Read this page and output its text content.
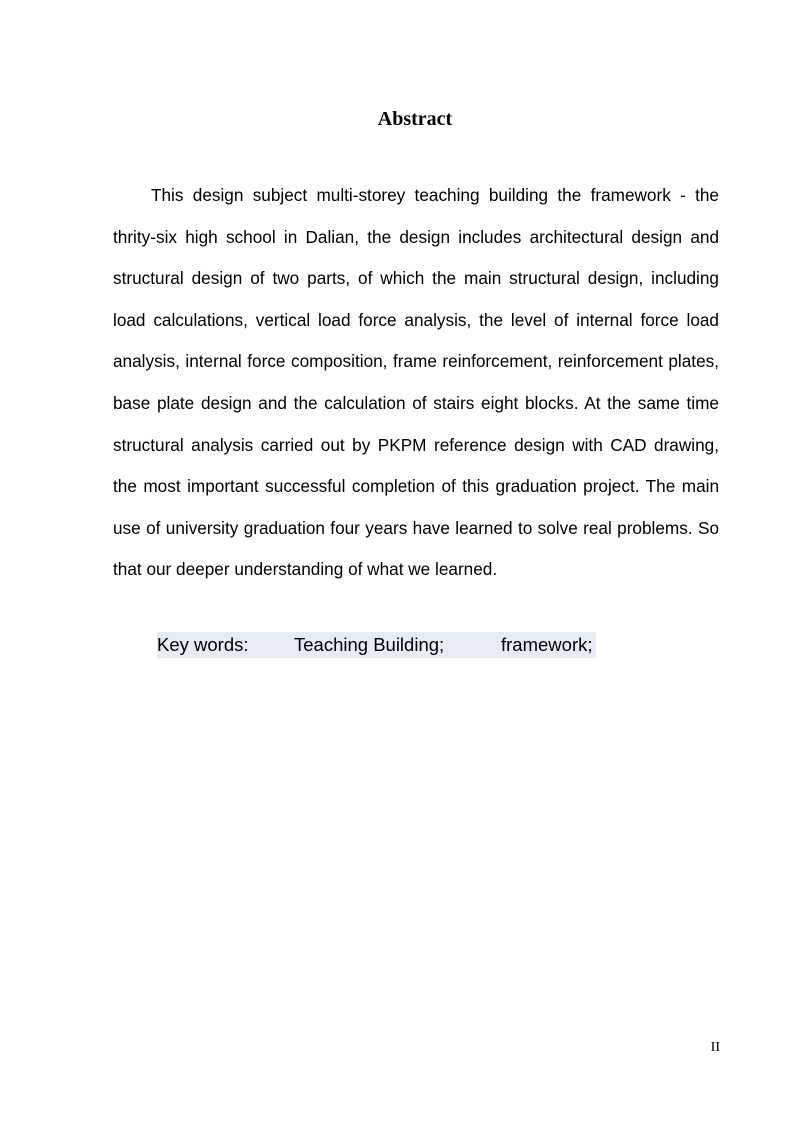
Abstract

This design subject multi-storey teaching building the framework - the thrity-six high school in Dalian, the design includes architectural design and structural design of two parts, of which the main structural design, including load calculations, vertical load force analysis, the level of internal force load analysis, internal force composition, frame reinforcement, reinforcement plates, base plate design and the calculation of stairs eight blocks. At the same time structural analysis carried out by PKPM reference design with CAD drawing, the most important successful completion of this graduation project. The main use of university graduation four years have learned to solve real problems. So that our deeper understanding of what we learned.

Key words: Teaching Building;	framework;
II
